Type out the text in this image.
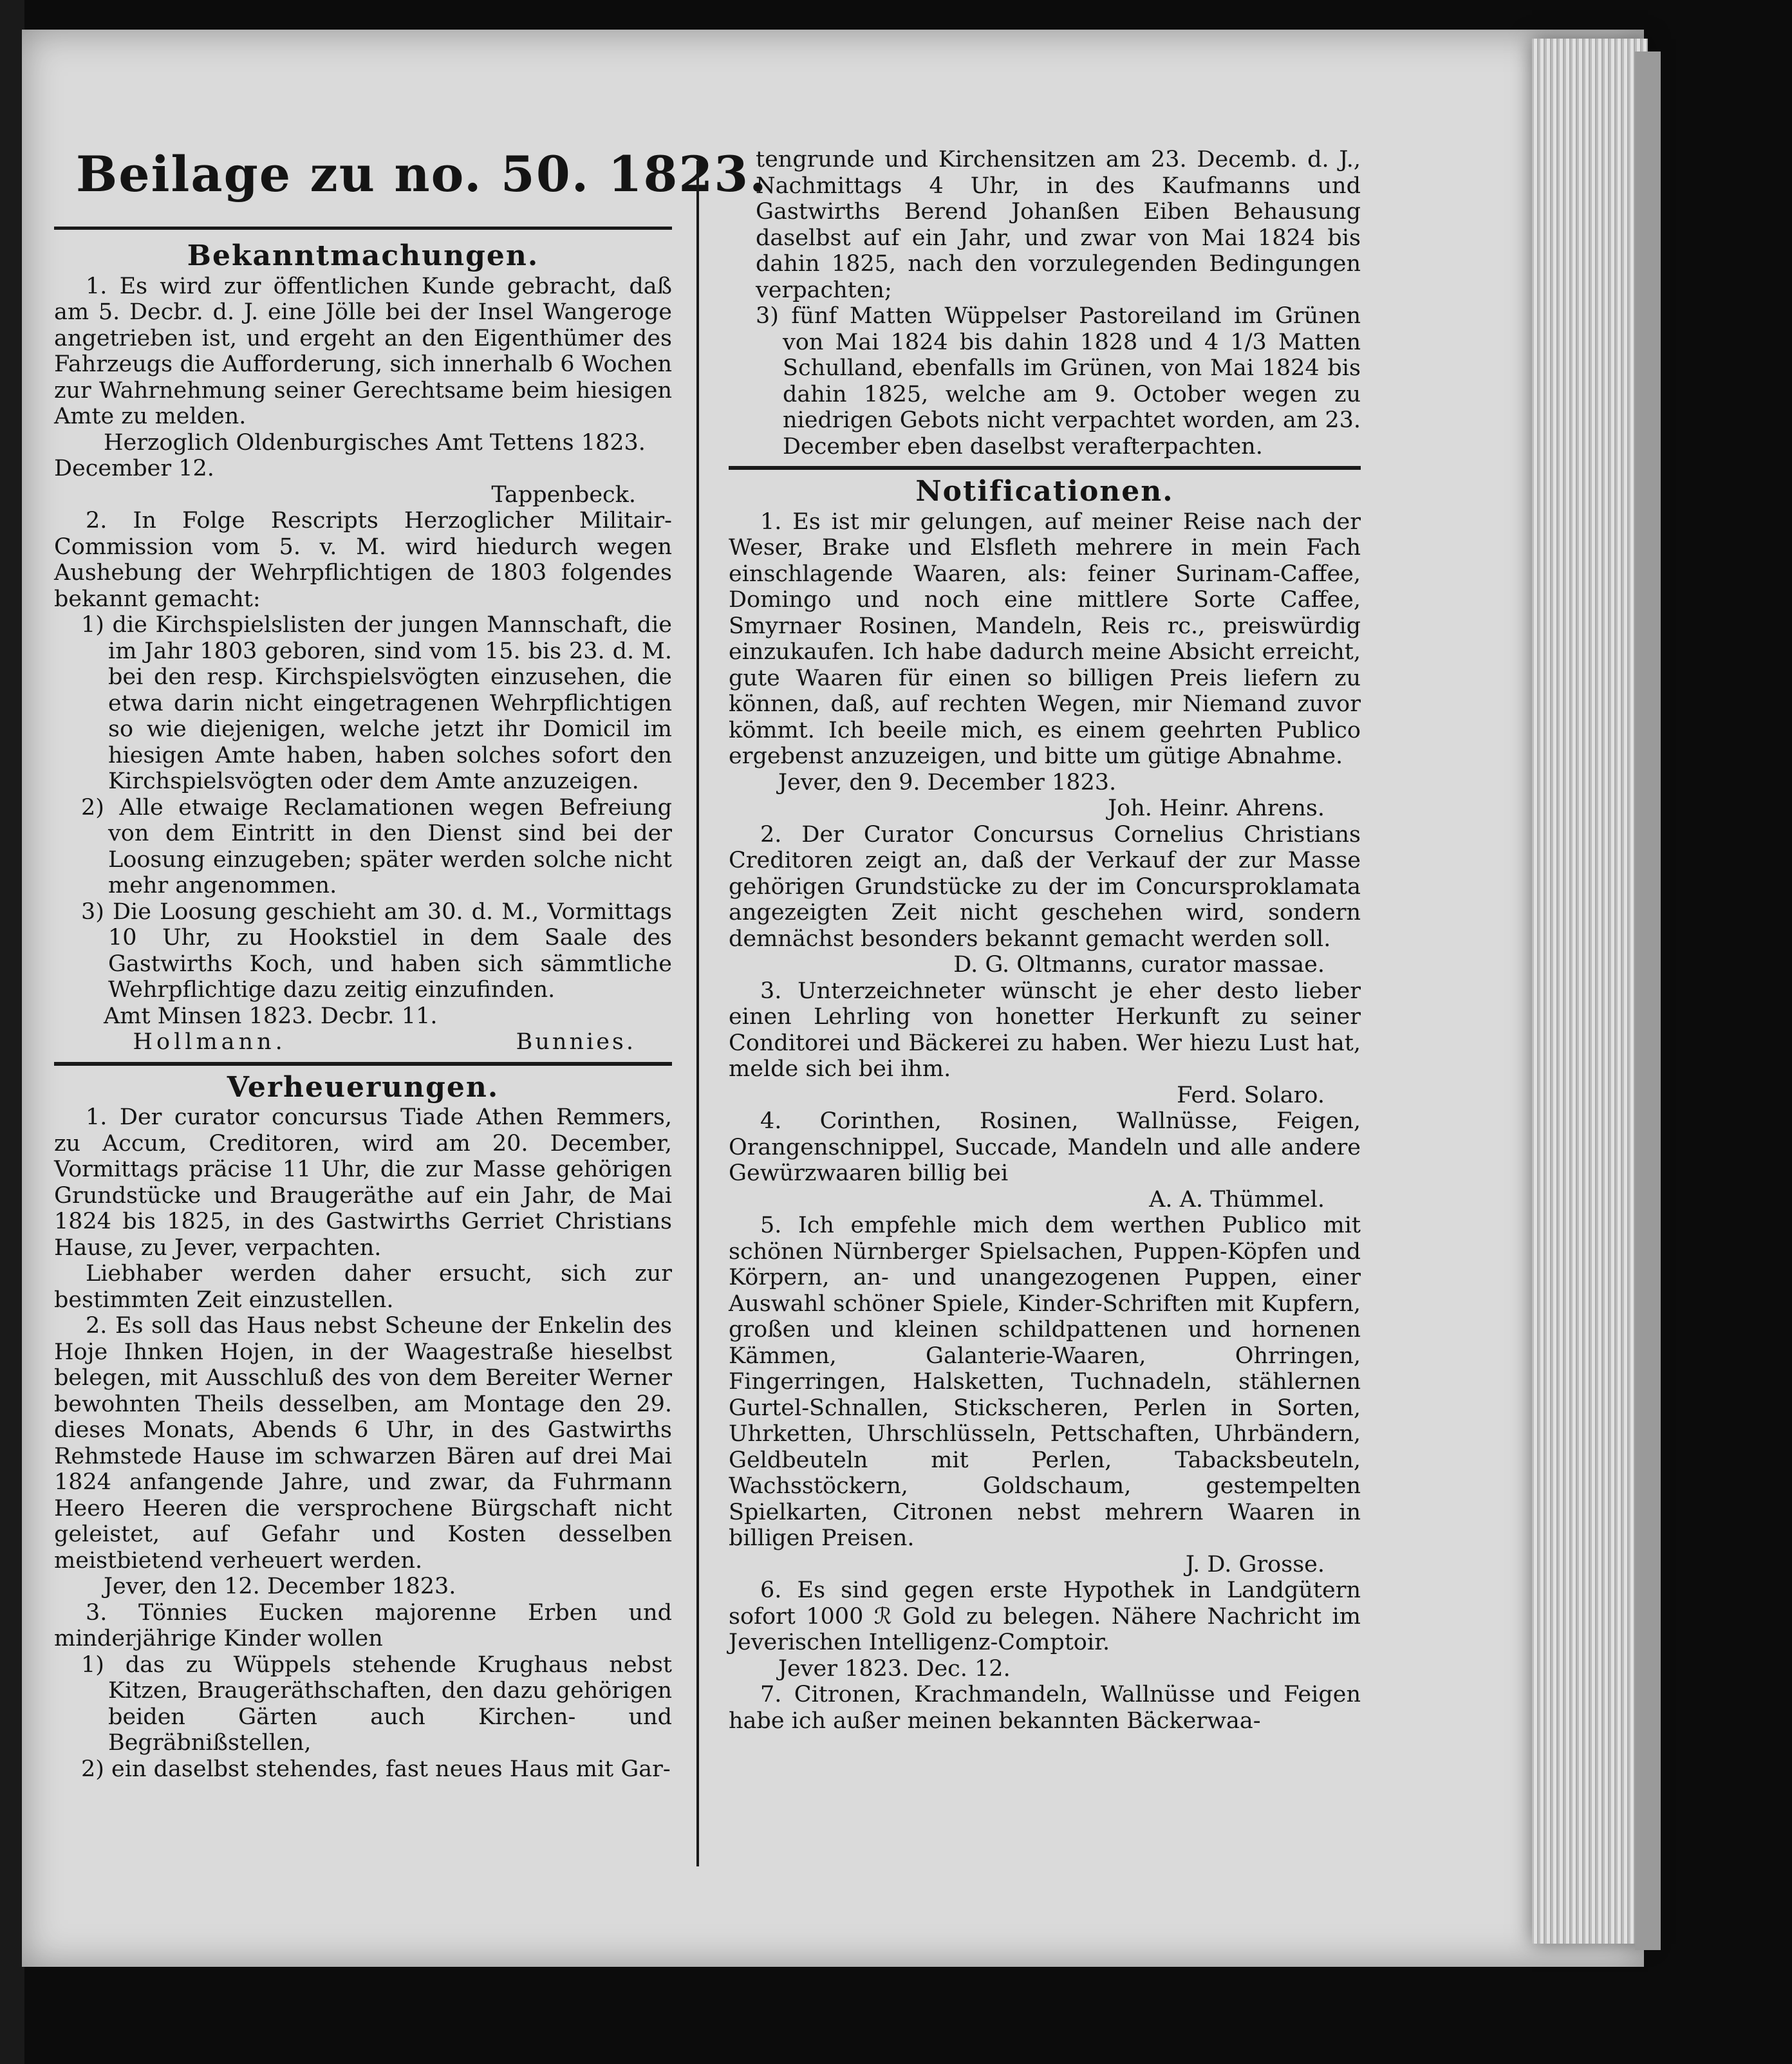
Beilage zu no. 50. 1823.
Bekanntmachungen.

1. Es wird zur öffentlichen Kunde gebracht, daß am 5. Decbr. d. J. eine Jölle bei der Insel Wangeroge angetrieben ist, und ergeht an den Eigenthümer des Fahrzeugs die Aufforderung, sich innerhalb 6 Wochen zur Wahrnehmung seiner Gerechtsame beim hiesigen Amte zu melden.

Herzoglich Oldenburgisches Amt Tettens 1823. December 12.

Tappenbeck.

2. In Folge Rescripts Herzoglicher Militair-Commission vom 5. v. M. wird hiedurch wegen Aushebung der Wehrpflichtigen de 1803 folgendes bekannt gemacht:

1) die Kirchspielslisten der jungen Mannschaft, die im Jahr 1803 geboren, sind vom 15. bis 23. d. M. bei den resp. Kirchspielsvögten einzusehen, die etwa darin nicht eingetragenen Wehrpflichtigen so wie diejenigen, welche jetzt ihr Domicil im hiesigen Amte haben, haben solches sofort den Kirchspielsvögten oder dem Amte anzuzeigen.
2) Alle etwaige Reclamationen wegen Befreiung von dem Eintritt in den Dienst sind bei der Loosung einzugeben; später werden solche nicht mehr angenommen.
3) Die Loosung geschieht am 30. d. M., Vormittags 10 Uhr, zu Hookstiel in dem Saale des Gastwirths Koch, und haben sich sämmtliche Wehrpflichtige dazu zeitig einzufinden.

Amt Minsen 1823. Decbr. 11.

Hollmann.	Bunnies.
Verheuerungen.

1. Der curator concursus Tiade Athen Remmers, zu Accum, Creditoren, wird am 20. December, Vormittags präcise 11 Uhr, die zur Masse gehörigen Grundstücke und Braugeräthe auf ein Jahr, de Mai 1824 bis 1825, in des Gastwirths Gerriet Christians Hause, zu Jever, verpachten.

Liebhaber werden daher ersucht, sich zur bestimmten Zeit einzustellen.

2. Es soll das Haus nebst Scheune der Enkelin des Hoje Ihnken Hojen, in der Waagestraße hieselbst belegen, mit Ausschluß des von dem Bereiter Werner bewohnten Theils desselben, am Montage den 29. dieses Monats, Abends 6 Uhr, in des Gastwirths Rehmstede Hause im schwarzen Bären auf drei Mai 1824 anfangende Jahre, und zwar, da Fuhrmann Heero Heeren die versprochene Bürgschaft nicht geleistet, auf Gefahr und Kosten desselben meistbietend verheuert werden.

Jever, den 12. December 1823.

3. Tönnies Eucken majorenne Erben und minderjährige Kinder wollen

1) das zu Wüppels stehende Krughaus nebst Kitzen, Braugeräthschaften, den dazu gehörigen beiden Gärten auch Kirchen- und Begräbnißstellen,
2) ein daselbst stehendes, fast neues Haus mit Gar-

tengrunde und Kirchensitzen am 23. Decemb. d. J., Nachmittags 4 Uhr, in des Kaufmanns und Gastwirths Berend Johanßen Eiben Behausung daselbst auf ein Jahr, und zwar von Mai 1824 bis dahin 1825, nach den vorzulegenden Bedingungen verpachten;

3) fünf Matten Wüppelser Pastoreiland im Grünen von Mai 1824 bis dahin 1828 und 4 1/3 Matten Schulland, ebenfalls im Grünen, von Mai 1824 bis dahin 1825, welche am 9. October wegen zu niedrigen Gebots nicht verpachtet worden, am 23. December eben daselbst verafterpachten.
Notificationen.

1. Es ist mir gelungen, auf meiner Reise nach der Weser, Brake und Elsfleth mehrere in mein Fach einschlagende Waaren, als: feiner Surinam-Caffee, Domingo und noch eine mittlere Sorte Caffee, Smyrnaer Rosinen, Mandeln, Reis rc., preiswürdig einzukaufen. Ich habe dadurch meine Absicht erreicht, gute Waaren für einen so billigen Preis liefern zu können, daß, auf rechten Wegen, mir Niemand zuvor kömmt. Ich beeile mich, es einem geehrten Publico ergebenst anzuzeigen, und bitte um gütige Abnahme.

Jever, den 9. December 1823.

Joh. Heinr. Ahrens.

2. Der Curator Concursus Cornelius Christians Creditoren zeigt an, daß der Verkauf der zur Masse gehörigen Grundstücke zu der im Concursproklamata angezeigten Zeit nicht geschehen wird, sondern demnächst besonders bekannt gemacht werden soll.

D. G. Oltmanns, curator massae.

3. Unterzeichneter wünscht je eher desto lieber einen Lehrling von honetter Herkunft zu seiner Conditorei und Bäckerei zu haben. Wer hiezu Lust hat, melde sich bei ihm.

Ferd. Solaro.

4. Corinthen, Rosinen, Wallnüsse, Feigen, Orangenschnippel, Succade, Mandeln und alle andere Gewürzwaaren billig bei

A. A. Thümmel.

5. Ich empfehle mich dem werthen Publico mit schönen Nürnberger Spielsachen, Puppen-Köpfen und Körpern, an- und unangezogenen Puppen, einer Auswahl schöner Spiele, Kinder-Schriften mit Kupfern, großen und kleinen schildpattenen und hornenen Kämmen, Galanterie-Waaren, Ohrringen, Fingerringen, Halsketten, Tuchnadeln, stählernen Gurtel-Schnallen, Stickscheren, Perlen in Sorten, Uhrketten, Uhrschlüsseln, Pettschaften, Uhrbändern, Geldbeuteln mit Perlen, Tabacksbeuteln, Wachsstöckern, Goldschaum, gestempelten Spielkarten, Citronen nebst mehrern Waaren in billigen Preisen.

J. D. Grosse.

6. Es sind gegen erste Hypothek in Landgütern sofort 1000 ℛ Gold zu belegen. Nähere Nachricht im Jeverischen Intelligenz-Comptoir.

Jever 1823. Dec. 12.

7. Citronen, Krachmandeln, Wallnüsse und Feigen habe ich außer meinen bekannten Bäckerwaa-
